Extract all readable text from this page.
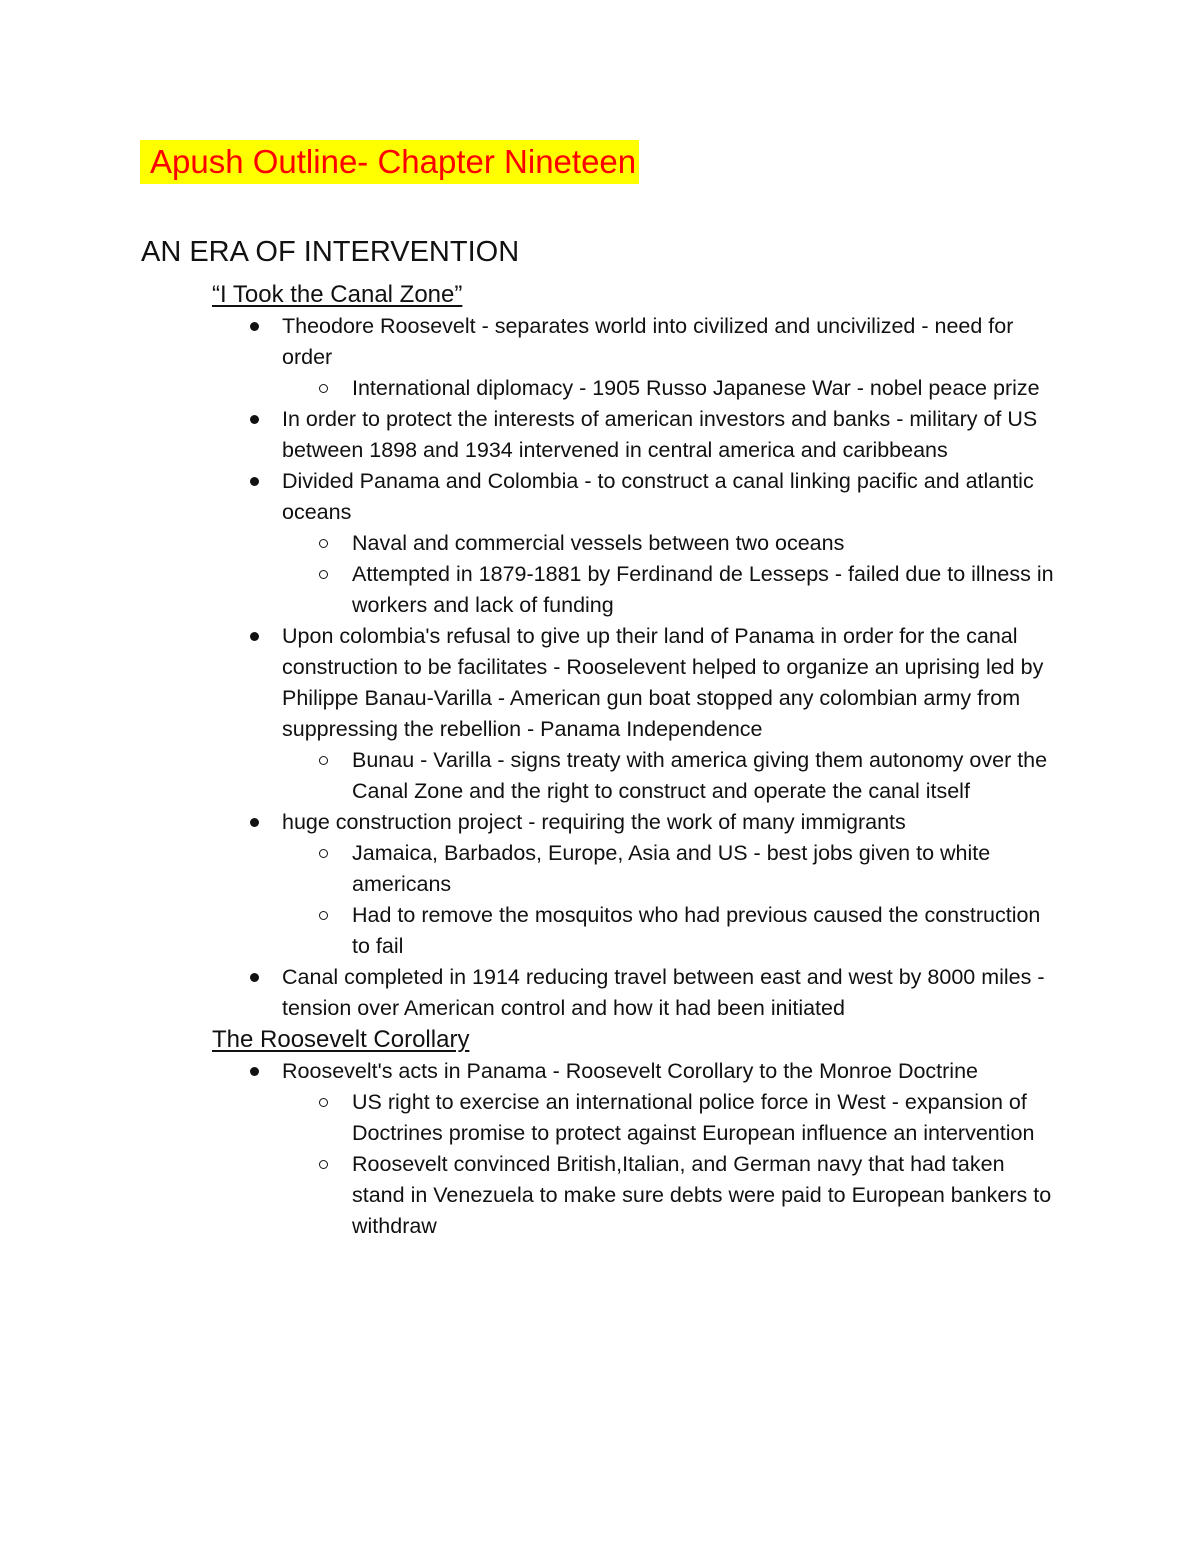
Apush Outline- Chapter Nineteen
AN ERA OF INTERVENTION
“I Took the Canal Zone”
Theodore Roosevelt - separates world into civilized and uncivilized - need for order
International diplomacy - 1905 Russo Japanese War - nobel peace prize
In order to protect the interests of american investors and banks - military of US between 1898 and 1934 intervened in central america and caribbeans
Divided Panama and Colombia - to construct a canal linking pacific and atlantic oceans
Naval and commercial vessels between two oceans
Attempted in 1879-1881 by Ferdinand de Lesseps - failed due to illness in workers and lack of funding
Upon colombia's refusal to give up their land of Panama in order for the canal construction to be facilitates - Rooselevent helped to organize an uprising led by Philippe Banau-Varilla - American gun boat stopped any colombian army from suppressing the rebellion - Panama Independence
Bunau - Varilla - signs treaty with america giving them autonomy over the Canal Zone and the right to construct and operate the canal itself
huge construction project - requiring the work of many immigrants
Jamaica, Barbados, Europe, Asia and US - best jobs given to white americans
Had to remove the mosquitos who had previous caused the construction to fail
Canal completed in 1914 reducing travel between east and west by 8000 miles - tension over American control and how it had been initiated
The Roosevelt Corollary
Roosevelt's acts in Panama - Roosevelt Corollary to the Monroe Doctrine
US right to exercise an international police force in West - expansion of Doctrines promise to protect against European influence an intervention
Roosevelt convinced British,Italian, and German navy that had taken stand in Venezuela to make sure debts were paid to European bankers to withdraw
